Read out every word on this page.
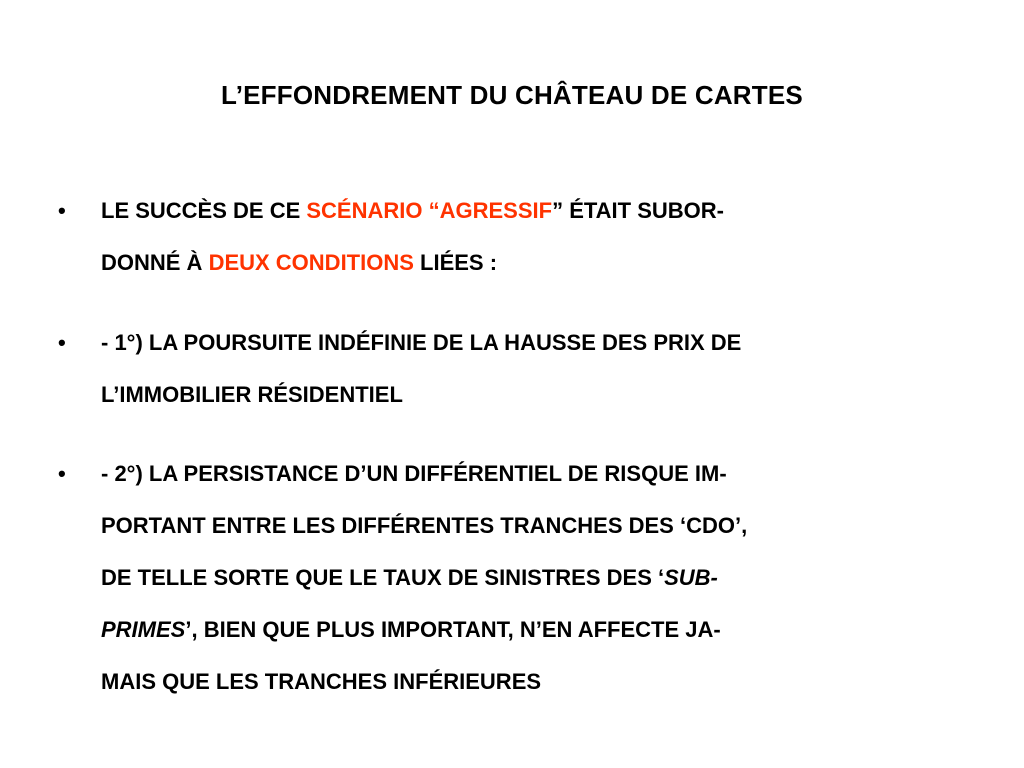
L’EFFONDREMENT DU CHÂTEAU DE CARTES
•	LE SUCCÈS DE CE SCÉNARIO “AGRESSIF” ÉTAIT SUBOR-
DONNÉ À DEUX CONDITIONS LIÉES :
•	- 1°) LA POURSUITE INDÉFINIE DE LA HAUSSE DES PRIX DE
L’IMMOBILIER RÉSIDENTIEL
•	- 2°) LA PERSISTANCE D’UN DIFFÉRENTIEL DE RISQUE IM-
PORTANT ENTRE LES DIFFÉRENTES TRANCHES DES ‘CDO’,
DE TELLE SORTE QUE LE TAUX DE SINISTRES DES ‘SUB-
PRIMES’, BIEN QUE PLUS IMPORTANT, N’EN AFFECTE JA-
MAIS QUE LES TRANCHES INFÉRIEURES
